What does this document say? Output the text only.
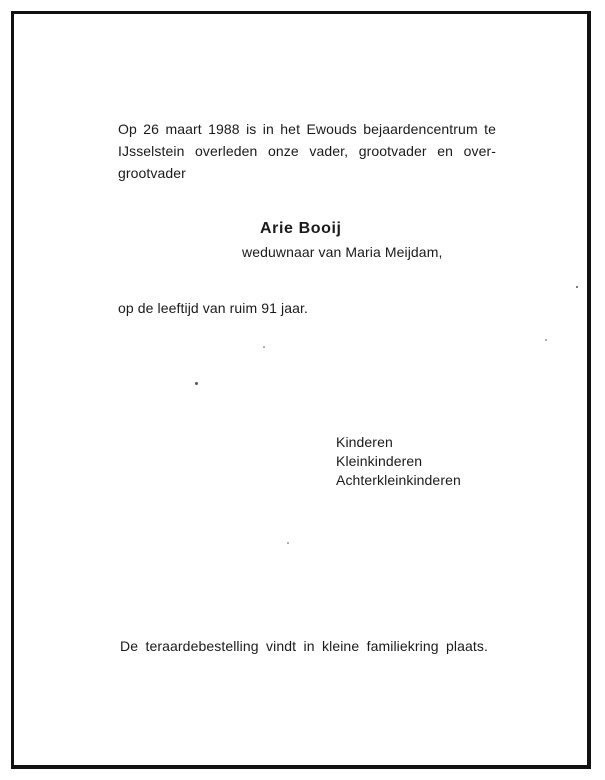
Op 26 maart 1988 is in het Ewouds bejaardencentrum te
IJsselstein overleden onze vader, grootvader en over-
grootvader
Arie Booij
weduwnaar van Maria Meijdam,
op de leeftijd van ruim 91 jaar.
Kinderen
Kleinkinderen
Achterkleinkinderen
De teraardebestelling vindt in kleine familiekring plaats.
